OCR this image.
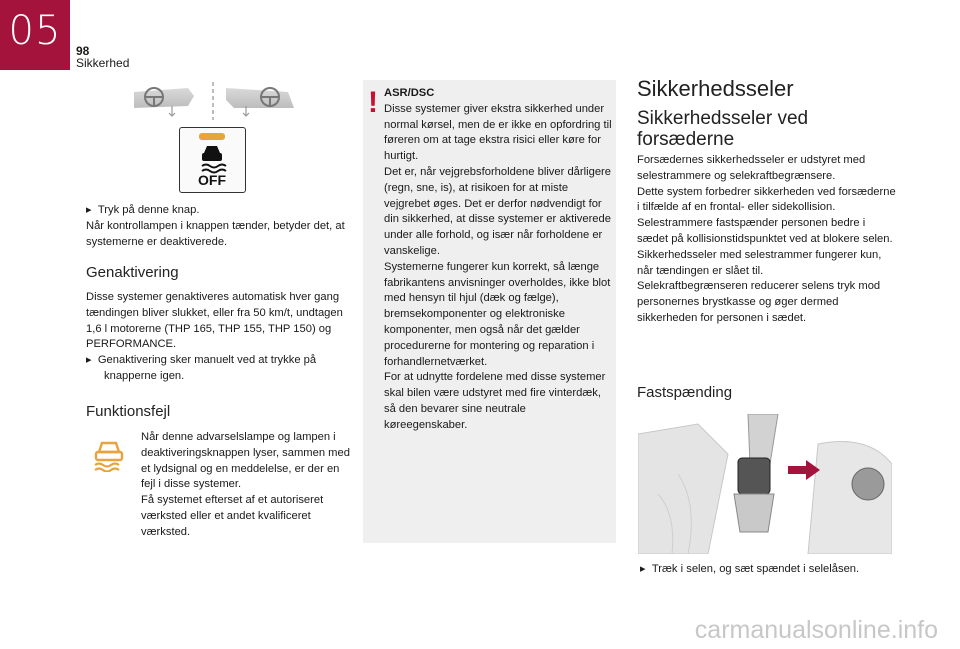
05	98
Sikkerhed
OFF

▸  Tryk på denne knap.

Når kontrollampen i knappen tænder, betyder det, at systemerne er deaktiverede.

Genaktivering

Disse systemer genaktiveres automatisk hver gang tændingen bliver slukket, eller fra 50 km/t, undtagen 1,6 l motorerne (THP 165, THP 155, THP 150) og PERFORMANCE.

▸  Genaktivering sker manuelt ved at trykke på knapperne igen.

Funktionsfejl

Når denne advarselslampe og lampen i deaktiveringsknappen lyser, sammen med et lydsignal og en meddelelse, er der en fejl i disse systemer.

Få systemet efterset af et autoriseret værksted eller et andet kvalificeret værksted.

! ASR/DSC

Disse systemer giver ekstra sikkerhed under normal kørsel, men de er ikke en opfordring til føreren om at tage ekstra risici eller køre for hurtigt.

Det er, når vejgrebsforholdene bliver dårligere (regn, sne, is), at risikoen for at miste vejgrebet øges. Det er derfor nødvendigt for din sikkerhed, at disse systemer er aktiverede under alle forhold, og især når forholdene er vanskelige.

Systemerne fungerer kun korrekt, så længe fabrikantens anvisninger overholdes, ikke blot med hensyn til hjul (dæk og fælge), bremsekomponenter og elektroniske komponenter, men også når det gælder procedurerne for montering og reparation i forhandlernetværket.

For at udnytte fordelene med disse systemer skal bilen være udstyret med fire vinterdæk, så den bevarer sine neutrale køreegenskaber.

Sikkerhedsseler
Sikkerhedsseler ved
forsæderne

Forsædernes sikkerhedsseler er udstyret med selestrammere og selekraftbegrænsere.

Dette system forbedrer sikkerheden ved forsæderne i tilfælde af en frontal- eller sidekollision. Selestrammere fastspænder personen bedre i sædet på kollisionstidspunktet ved at blokere selen.

Sikkerhedsseler med selestrammer fungerer kun, når tændingen er slået til.

Selekraftbegrænseren reducerer selens tryk mod personernes brystkasse og øger dermed sikkerheden for personen i sædet.

Fastspænding

▸  Træk i selen, og sæt spændet i selelåsen.

carmanualsonline.info
